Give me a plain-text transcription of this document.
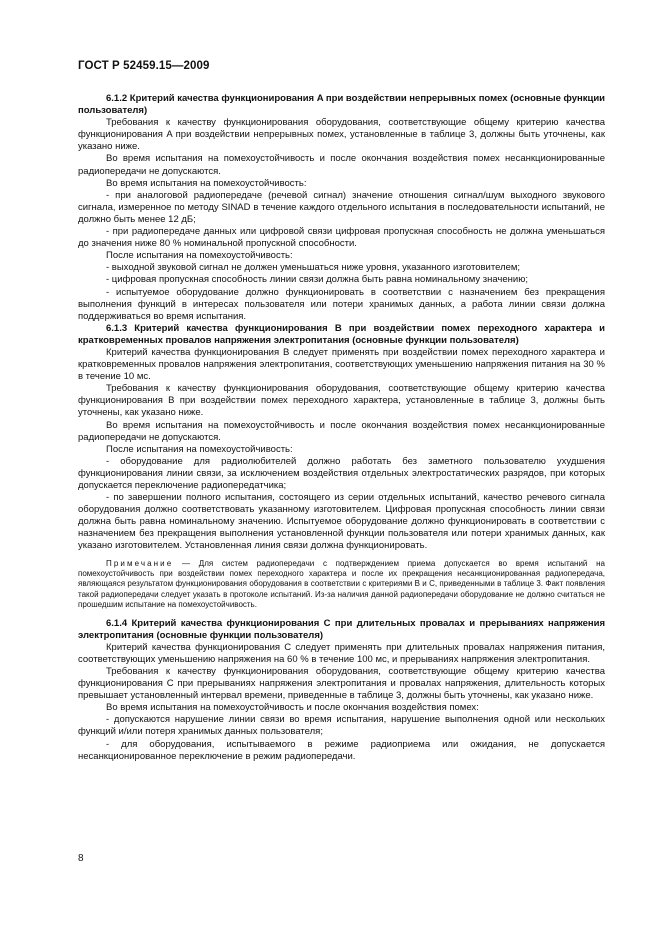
ГОСТ Р 52459.15—2009

6.1.2 Критерий качества функционирования A при воздействии непрерывных помех (основные функции пользователя)

Требования к качеству функционирования оборудования, соответствующие общему критерию качества функционирования A при воздействии непрерывных помех, установленные в таблице 3, должны быть уточнены, как указано ниже.

Во время испытания на помехоустойчивость и после окончания воздействия помех несанкционированные радиопередачи не допускаются.

Во время испытания на помехоустойчивость:

- при аналоговой радиопередаче (речевой сигнал) значение отношения сигнал/шум выходного звукового сигнала, измеренное по методу SINAD в течение каждого отдельного испытания в последовательности испытаний, не должно быть менее 12 дБ;

- при радиопередаче данных или цифровой связи цифровая пропускная способность не должна уменьшаться до значения ниже 80 % номинальной пропускной способности.

После испытания на помехоустойчивость:

- выходной звуковой сигнал не должен уменьшаться ниже уровня, указанного изготовителем;

- цифровая пропускная способность линии связи должна быть равна номинальному значению;

- испытуемое оборудование должно функционировать в соответствии с назначением без прекращения выполнения функций в интересах пользователя или потери хранимых данных, а работа линии связи должна поддерживаться во время испытания.

6.1.3 Критерий качества функционирования B при воздействии помех переходного характера и кратковременных провалов напряжения электропитания (основные функции пользователя)

Критерий качества функционирования B следует применять при воздействии помех переходного характера и кратковременных провалов напряжения электропитания, соответствующих уменьшению напряжения питания на 30 % в течение 10 мс.

Требования к качеству функционирования оборудования, соответствующие общему критерию качества функционирования B при воздействии помех переходного характера, установленные в таблице 3, должны быть уточнены, как указано ниже.

Во время испытания на помехоустойчивость и после окончания воздействия помех несанкционированные радиопередачи не допускаются.

После испытания на помехоустойчивость:

- оборудование для радиолюбителей должно работать без заметного пользователю ухудшения функционирования линии связи, за исключением воздействия отдельных электростатических разрядов, при которых допускается переключение радиопередатчика;

- по завершении полного испытания, состоящего из серии отдельных испытаний, качество речевого сигнала оборудования должно соответствовать указанному изготовителем. Цифровая пропускная способность линии связи должна быть равна номинальному значению. Испытуемое оборудование должно функционировать в соответствии с назначением без прекращения выполнения установленной функции пользователя или потери хранимых данных, как указано изготовителем. Установленная линия связи должна функционировать.

Примечание — Для систем радиопередачи с подтверждением приема допускается во время испытаний на помехоустойчивость при воздействии помех переходного характера и после их прекращения несанкционированная радиопередача, являющаяся результатом функционирования оборудования в соответствии с критериями B и C, приведенными в таблице 3. Факт появления такой радиопередачи следует указать в протоколе испытаний. Из-за наличия данной радиопередачи оборудование не должно считаться не прошедшим испытание на помехоустойчивость.

6.1.4 Критерий качества функционирования C при длительных провалах и прерываниях напряжения электропитания (основные функции пользователя)

Критерий качества функционирования C следует применять при длительных провалах напряжения питания, соответствующих уменьшению напряжения на 60 % в течение 100 мс, и прерываниях напряжения электропитания.

Требования к качеству функционирования оборудования, соответствующие общему критерию качества функционирования C при прерываниях напряжения электропитания и провалах напряжения, длительность которых превышает установленный интервал времени, приведенные в таблице 3, должны быть уточнены, как указано ниже.

Во время испытания на помехоустойчивость и после окончания воздействия помех:

- допускаются нарушение линии связи во время испытания, нарушение выполнения одной или нескольких функций и/или потеря хранимых данных пользователя;

- для оборудования, испытываемого в режиме радиоприема или ожидания, не допускается несанкционированное переключение в режим радиопередачи.

8
